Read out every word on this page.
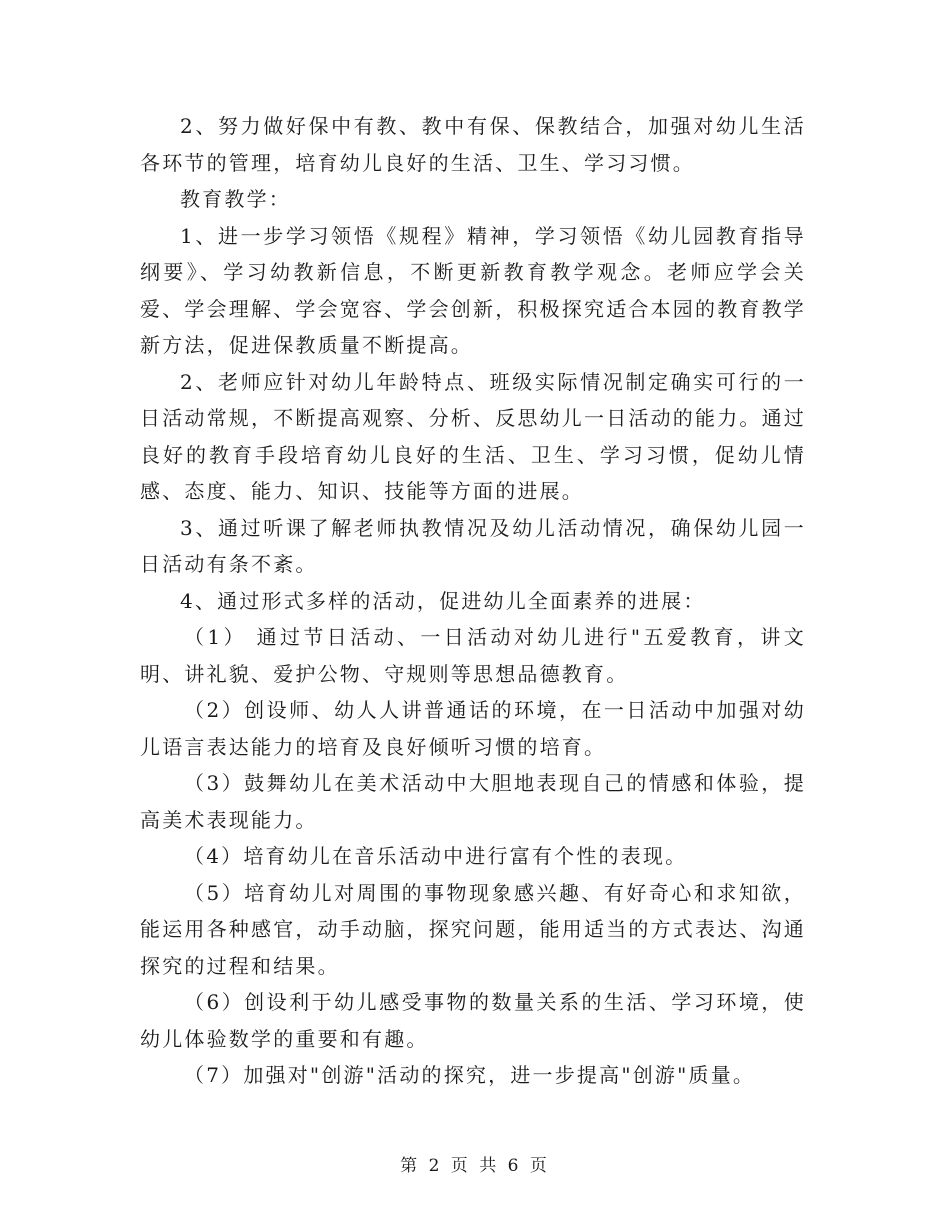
2、努力做好保中有教、教中有保、保教结合，加强对幼儿生活各环节的管理，培育幼儿良好的生活、卫生、学习习惯。

教育教学：

1、进一步学习领悟《规程》精神，学习领悟《幼儿园教育指导纲要》、学习幼教新信息，不断更新教育教学观念。老师应学会关爱、学会理解、学会宽容、学会创新，积极探究适合本园的教育教学新方法，促进保教质量不断提高。

2、老师应针对幼儿年龄特点、班级实际情况制定确实可行的一日活动常规，不断提高观察、分析、反思幼儿一日活动的能力。通过良好的教育手段培育幼儿良好的生活、卫生、学习习惯，促幼儿情感、态度、能力、知识、技能等方面的进展。

3、通过听课了解老师执教情况及幼儿活动情况，确保幼儿园一日活动有条不紊。

4、通过形式多样的活动，促进幼儿全面素养的进展：

（1） 通过节日活动、一日活动对幼儿进行"五爱教育，讲文明、讲礼貌、爱护公物、守规则等思想品德教育。

（2）创设师、幼人人讲普通话的环境，在一日活动中加强对幼儿语言表达能力的培育及良好倾听习惯的培育。

（3）鼓舞幼儿在美术活动中大胆地表现自己的情感和体验，提高美术表现能力。

（4）培育幼儿在音乐活动中进行富有个性的表现。

（5）培育幼儿对周围的事物现象感兴趣、有好奇心和求知欲，能运用各种感官，动手动脑，探究问题，能用适当的方式表达、沟通探究的过程和结果。

（6）创设利于幼儿感受事物的数量关系的生活、学习环境，使幼儿体验数学的重要和有趣。

（7）加强对"创游"活动的探究，进一步提高"创游"质量。

第 2 页 共 6 页
